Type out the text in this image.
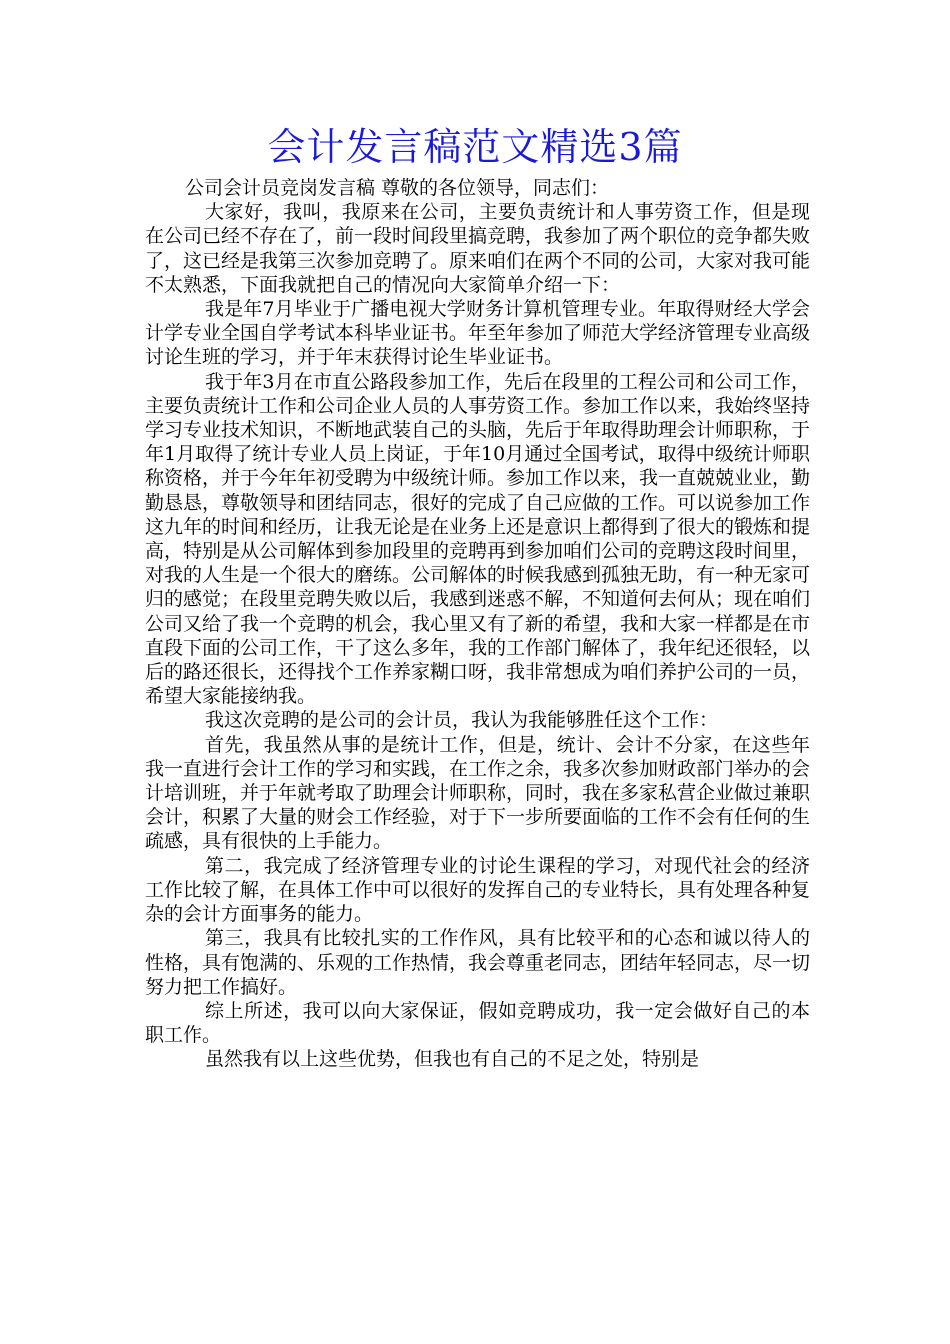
会计发言稿范文精选3篇

公司会计员竞岗发言稿 尊敬的各位领导，同志们：

大家好，我叫，我原来在公司，主要负责统计和人事劳资工作，但是现在公司已经不存在了，前一段时间段里搞竞聘，我参加了两个职位的竞争都失败了，这已经是我第三次参加竞聘了。原来咱们在两个不同的公司，大家对我可能不太熟悉，下面我就把自己的情况向大家简单介绍一下：

我是年7月毕业于广播电视大学财务计算机管理专业。年取得财经大学会计学专业全国自学考试本科毕业证书。年至年参加了师范大学经济管理专业高级讨论生班的学习，并于年末获得讨论生毕业证书。

我于年3月在市直公路段参加工作，先后在段里的工程公司和公司工作，主要负责统计工作和公司企业人员的人事劳资工作。参加工作以来，我始终坚持学习专业技术知识，不断地武装自己的头脑，先后于年取得助理会计师职称，于年1月取得了统计专业人员上岗证，于年10月通过全国考试，取得中级统计师职称资格，并于今年年初受聘为中级统计师。参加工作以来，我一直兢兢业业，勤勤恳恳，尊敬领导和团结同志，很好的完成了自己应做的工作。可以说参加工作这九年的时间和经历，让我无论是在业务上还是意识上都得到了很大的锻炼和提高，特别是从公司解体到参加段里的竞聘再到参加咱们公司的竞聘这段时间里，对我的人生是一个很大的磨练。公司解体的时候我感到孤独无助，有一种无家可归的感觉；在段里竞聘失败以后，我感到迷惑不解，不知道何去何从；现在咱们公司又给了我一个竞聘的机会，我心里又有了新的希望，我和大家一样都是在市直段下面的公司工作，干了这么多年，我的工作部门解体了，我年纪还很轻，以后的路还很长，还得找个工作养家糊口呀，我非常想成为咱们养护公司的一员，希望大家能接纳我。

我这次竞聘的是公司的会计员，我认为我能够胜任这个工作：

首先，我虽然从事的是统计工作，但是，统计、会计不分家，在这些年我一直进行会计工作的学习和实践，在工作之余，我多次参加财政部门举办的会计培训班，并于年就考取了助理会计师职称，同时，我在多家私营企业做过兼职会计，积累了大量的财会工作经验，对于下一步所要面临的工作不会有任何的生疏感，具有很快的上手能力。

第二，我完成了经济管理专业的讨论生课程的学习，对现代社会的经济工作比较了解，在具体工作中可以很好的发挥自己的专业特长，具有处理各种复杂的会计方面事务的能力。

第三，我具有比较扎实的工作作风，具有比较平和的心态和诚以待人的性格，具有饱满的、乐观的工作热情，我会尊重老同志，团结年轻同志，尽一切努力把工作搞好。

综上所述，我可以向大家保证，假如竞聘成功，我一定会做好自己的本职工作。

虽然我有以上这些优势，但我也有自己的不足之处，特别是
